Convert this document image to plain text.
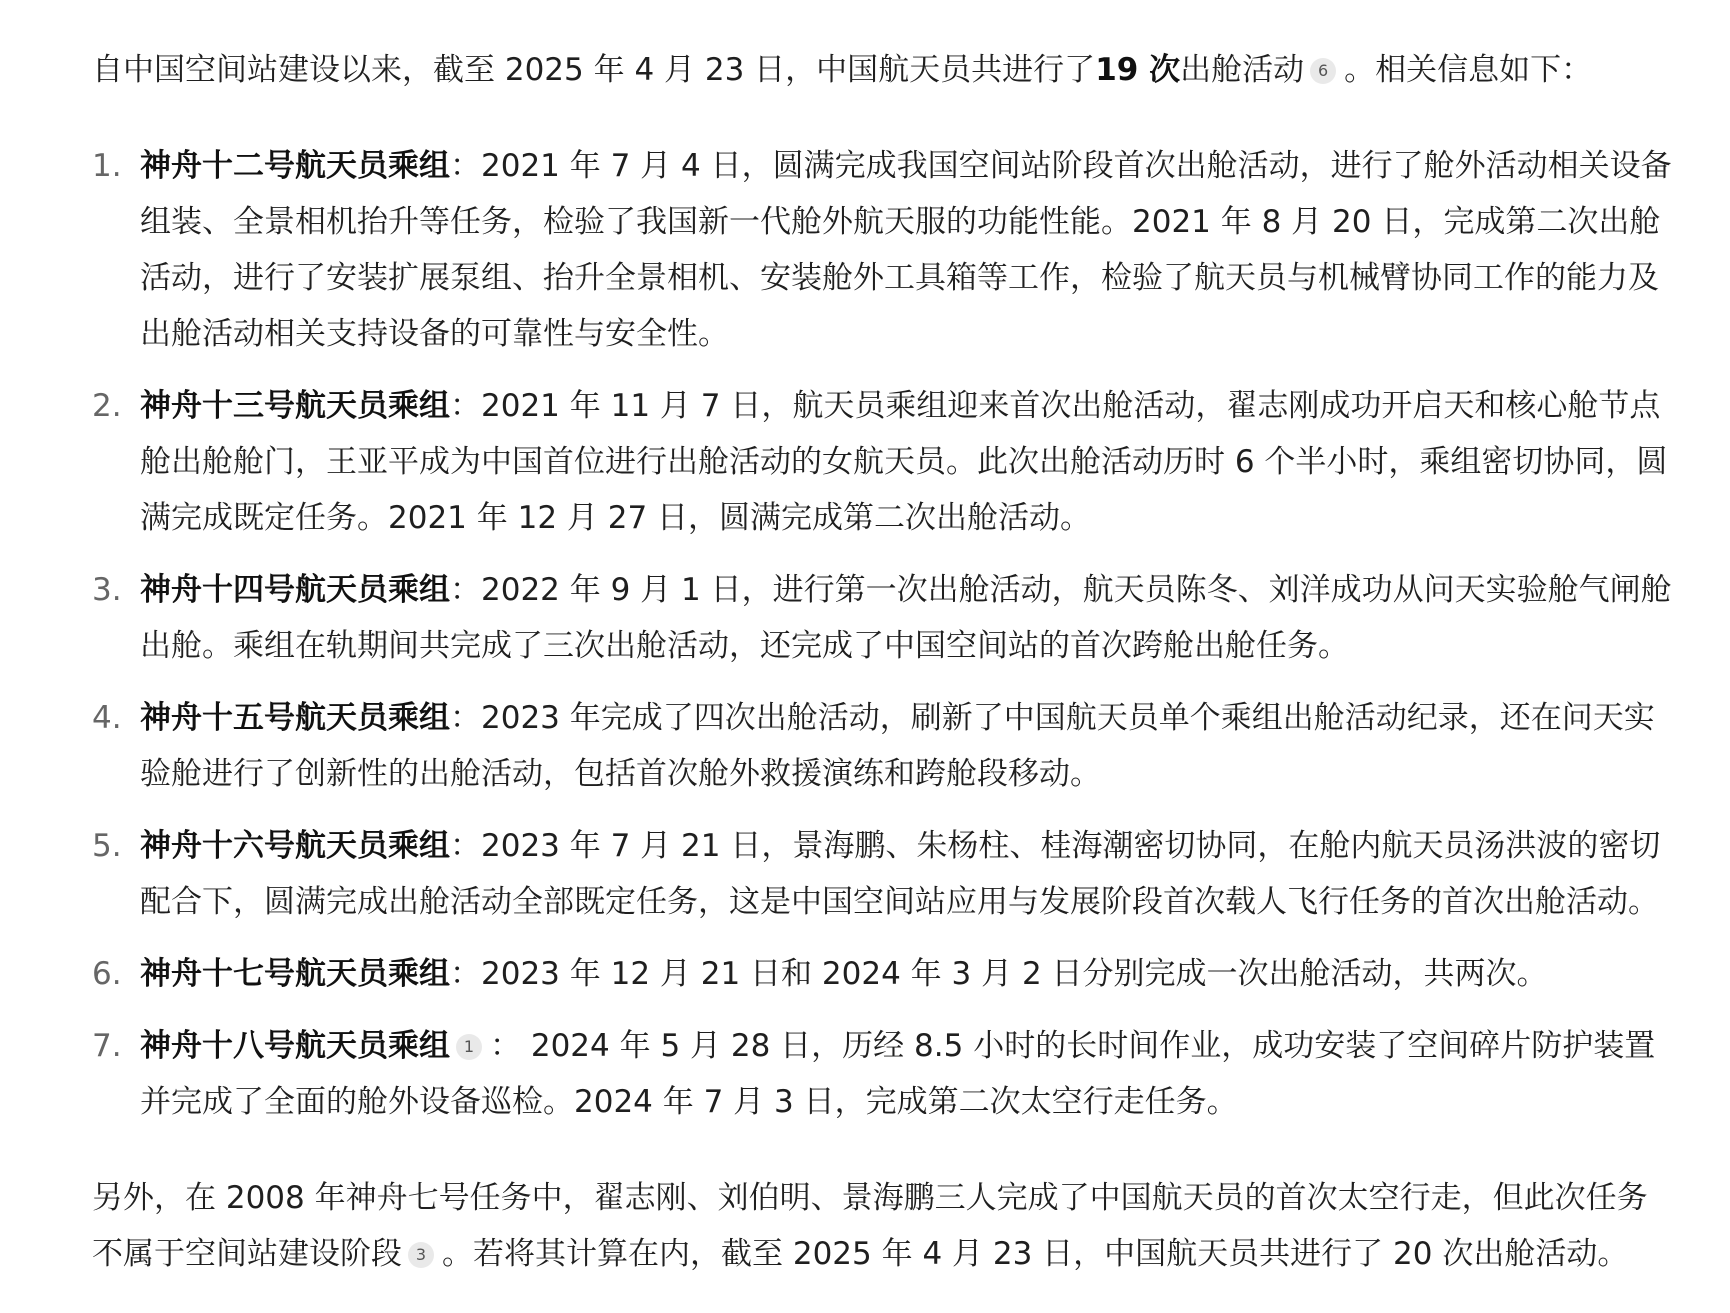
自中国空间站建设以来，截至 2025 年 4 月 23 日，中国航天员共进行了19 次出舱活动 6 。相关信息如下：

1. 神舟十二号航天员乘组：2021 年 7 月 4 日，圆满完成我国空间站阶段首次出舱活动，进行了舱外活动相关设备组装、全景相机抬升等任务，检验了我国新一代舱外航天服的功能性能。2021 年 8 月 20 日，完成第二次出舱活动，进行了安装扩展泵组、抬升全景相机、安装舱外工具箱等工作，检验了航天员与机械臂协同工作的能力及出舱活动相关支持设备的可靠性与安全性。
2. 神舟十三号航天员乘组：2021 年 11 月 7 日，航天员乘组迎来首次出舱活动，翟志刚成功开启天和核心舱节点舱出舱舱门，王亚平成为中国首位进行出舱活动的女航天员。此次出舱活动历时 6 个半小时，乘组密切协同，圆满完成既定任务。2021 年 12 月 27 日，圆满完成第二次出舱活动。
3. 神舟十四号航天员乘组：2022 年 9 月 1 日，进行第一次出舱活动，航天员陈冬、刘洋成功从问天实验舱气闸舱出舱。乘组在轨期间共完成了三次出舱活动，还完成了中国空间站的首次跨舱出舱任务。
4. 神舟十五号航天员乘组：2023 年完成了四次出舱活动，刷新了中国航天员单个乘组出舱活动纪录，还在问天实验舱进行了创新性的出舱活动，包括首次舱外救援演练和跨舱段移动。
5. 神舟十六号航天员乘组：2023 年 7 月 21 日，景海鹏、朱杨柱、桂海潮密切协同，在舱内航天员汤洪波的密切配合下，圆满完成出舱活动全部既定任务，这是中国空间站应用与发展阶段首次载人飞行任务的首次出舱活动。
6. 神舟十七号航天员乘组：2023 年 12 月 21 日和 2024 年 3 月 2 日分别完成一次出舱活动，共两次。
7. 神舟十八号航天员乘组 1 ： 2024 年 5 月 28 日，历经 8.5 小时的长时间作业，成功安装了空间碎片防护装置并完成了全面的舱外设备巡检。2024 年 7 月 3 日，完成第二次太空行走任务。

另外，在 2008 年神舟七号任务中，翟志刚、刘伯明、景海鹏三人完成了中国航天员的首次太空行走，但此次任务不属于空间站建设阶段 3 。若将其计算在内，截至 2025 年 4 月 23 日，中国航天员共进行了 20 次出舱活动。
